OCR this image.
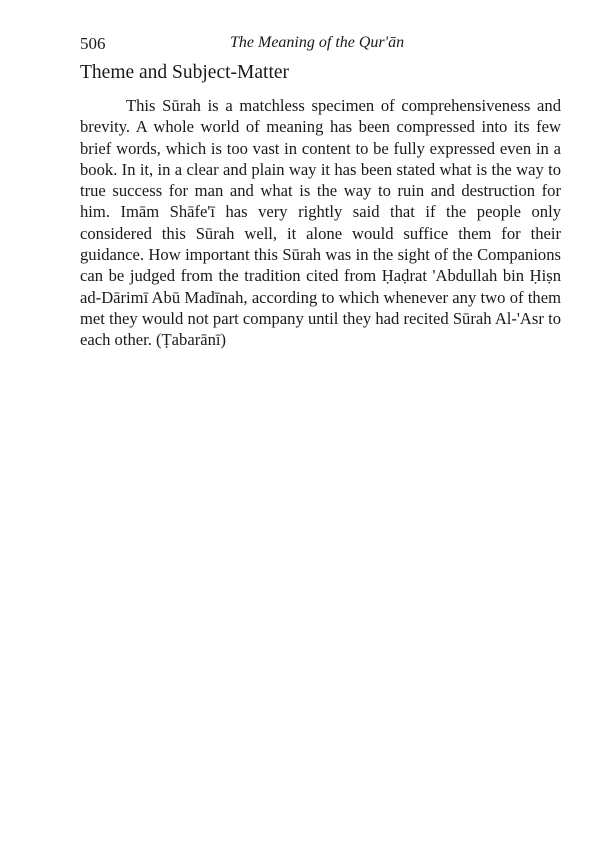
506	The Meaning of the Qur'ān
Theme and Subject-Matter

This Sūrah is a matchless specimen of comprehensiveness and brevity. A whole world of meaning has been compressed into its few brief words, which is too vast in content to be fully expressed even in a book. In it, in a clear and plain way it has been stated what is the way to true success for man and what is the way to ruin and destruction for him. Imām Shāfe'ī has very rightly said that if the people only considered this Sūrah well, it alone would suffice them for their guidance. How important this Sūrah was in the sight of the Companions can be judged from the tradition cited from Ḥaḍrat 'Abdullah bin Ḥiṣn ad-Dārimī Abū Madīnah, according to which whenever any two of them met they would not part company until they had recited Sūrah Al-'Asr to each other. (Ṭabarānī)
